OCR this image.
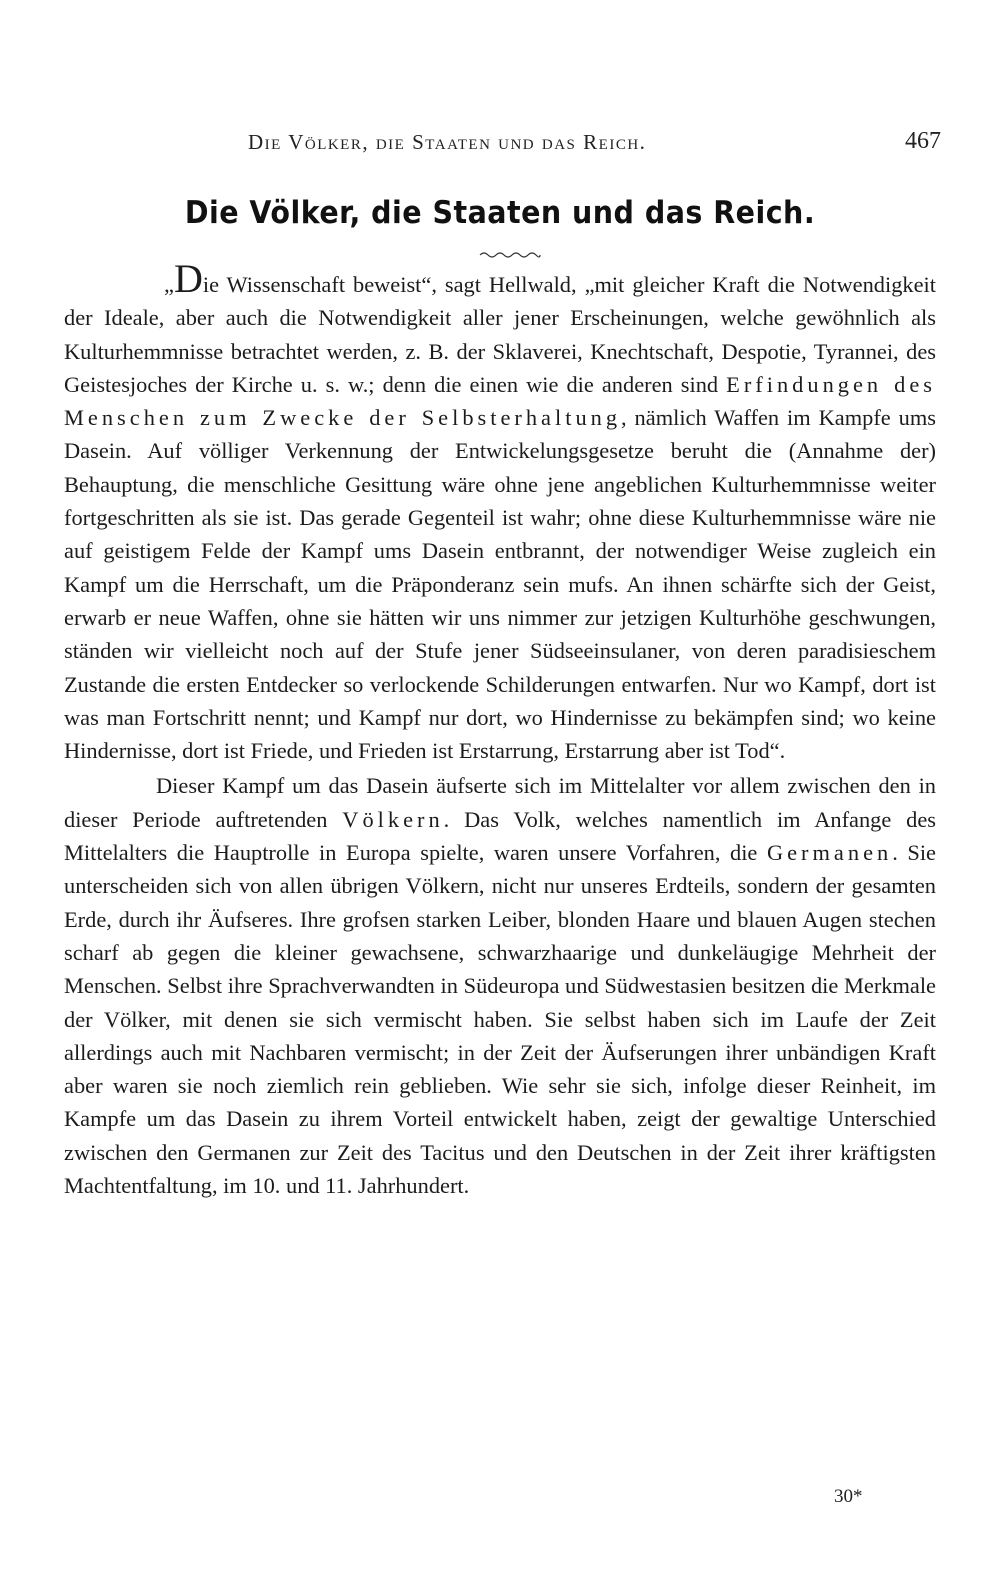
Die Völker, die Staaten und das Reich.	467
Die Völker, die Staaten und das Reich.

„Die Wissenschaft beweist“, sagt Hellwald, „mit gleicher Kraft die Notwendigkeit der Ideale, aber auch die Notwendigkeit aller jener Erscheinungen, welche gewöhnlich als Kulturhemmnisse betrachtet werden, z. B. der Sklaverei, Knechtschaft, Despotie, Tyrannei, des Geistesjoches der Kirche u. s. w.; denn die einen wie die anderen sind Erfindungen des Menschen zum Zwecke der Selbsterhaltung, nämlich Waffen im Kampfe ums Dasein. Auf völliger Verkennung der Entwickelungsgesetze beruht die (Annahme der) Behauptung, die menschliche Gesittung wäre ohne jene angeblichen Kulturhemmnisse weiter fortgeschritten als sie ist. Das gerade Gegenteil ist wahr; ohne diese Kulturhemmnisse wäre nie auf geistigem Felde der Kampf ums Dasein entbrannt, der notwendiger Weise zugleich ein Kampf um die Herrschaft, um die Präponderanz sein mufs. An ihnen schärfte sich der Geist, erwarb er neue Waffen, ohne sie hätten wir uns nimmer zur jetzigen Kulturhöhe geschwungen, ständen wir vielleicht noch auf der Stufe jener Südseeinsulaner, von deren paradisieschem Zustande die ersten Entdecker so verlockende Schilderungen entwarfen. Nur wo Kampf, dort ist was man Fortschritt nennt; und Kampf nur dort, wo Hindernisse zu bekämpfen sind; wo keine Hindernisse, dort ist Friede, und Frieden ist Erstarrung, Erstarrung aber ist Tod“.

Dieser Kampf um das Dasein äufserte sich im Mittelalter vor allem zwischen den in dieser Periode auftretenden Völkern. Das Volk, welches namentlich im Anfange des Mittelalters die Hauptrolle in Europa spielte, waren unsere Vorfahren, die Germanen. Sie unterscheiden sich von allen übrigen Völkern, nicht nur unseres Erdteils, sondern der gesamten Erde, durch ihr Äufseres. Ihre grofsen starken Leiber, blonden Haare und blauen Augen stechen scharf ab gegen die kleiner gewachsene, schwarzhaarige und dunkeläugige Mehrheit der Menschen. Selbst ihre Sprachverwandten in Südeuropa und Südwestasien besitzen die Merkmale der Völker, mit denen sie sich vermischt haben. Sie selbst haben sich im Laufe der Zeit allerdings auch mit Nachbaren vermischt; in der Zeit der Äufserungen ihrer unbändigen Kraft aber waren sie noch ziemlich rein geblieben. Wie sehr sie sich, infolge dieser Reinheit, im Kampfe um das Dasein zu ihrem Vorteil entwickelt haben, zeigt der gewaltige Unterschied zwischen den Germanen zur Zeit des Tacitus und den Deutschen in der Zeit ihrer kräftigsten Machtentfaltung, im 10. und 11. Jahrhundert.

30*
